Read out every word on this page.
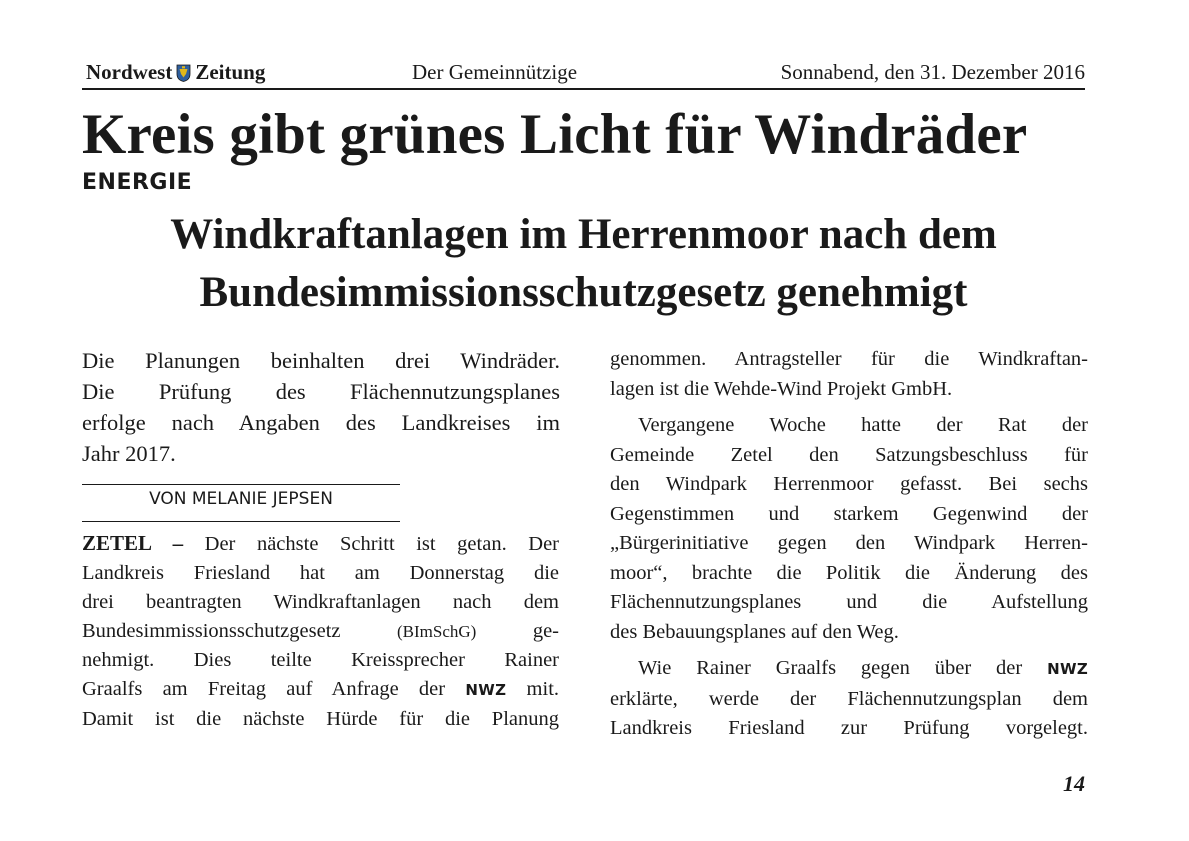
Nordwest Zeitung	Der Gemeinnützige	Sonnabend, den 31. Dezember 2016
Kreis gibt grünes Licht für Windräder
ENERGIE
Windkraftanlagen im Herrenmoor nach dem
Bundesimmissionsschutzgesetz genehmigt
Die Planungen beinhalten drei Windräder.
Die Prüfung des Flächennutzungsplanes
erfolge nach Angaben des Landkreises im
Jahr 2017.
VON MELANIE JEPSEN
ZETEL – Der nächste Schritt ist getan. Der
Landkreis Friesland hat am Donnerstag die
drei beantragten Windkraftanlagen nach dem
Bundesimmissionsschutzgesetz	(BImSchG)	ge-
nehmigt. Dies teilte Kreissprecher Rainer
Graalfs am Freitag auf Anfrage der NWZ mit.
Damit ist die nächste Hürde für die Planung
genommen. Antragsteller für die Windkraftan-
lagen ist die Wehde-Wind Projekt GmbH.
Vergangene Woche hatte der Rat der
Gemeinde Zetel den Satzungsbeschluss für
den Windpark Herrenmoor gefasst. Bei sechs
Gegenstimmen und starkem Gegenwind der
„Bürgerinitiative gegen den Windpark Herren-
moor“, brachte die Politik die Änderung des
Flächennutzungsplanes und die Aufstellung
des Bebauungsplanes auf den Weg.
Wie Rainer Graalfs gegen über der NWZ
erklärte, werde der Flächennutzungsplan dem
Landkreis Friesland zur Prüfung vorgelegt.
14
